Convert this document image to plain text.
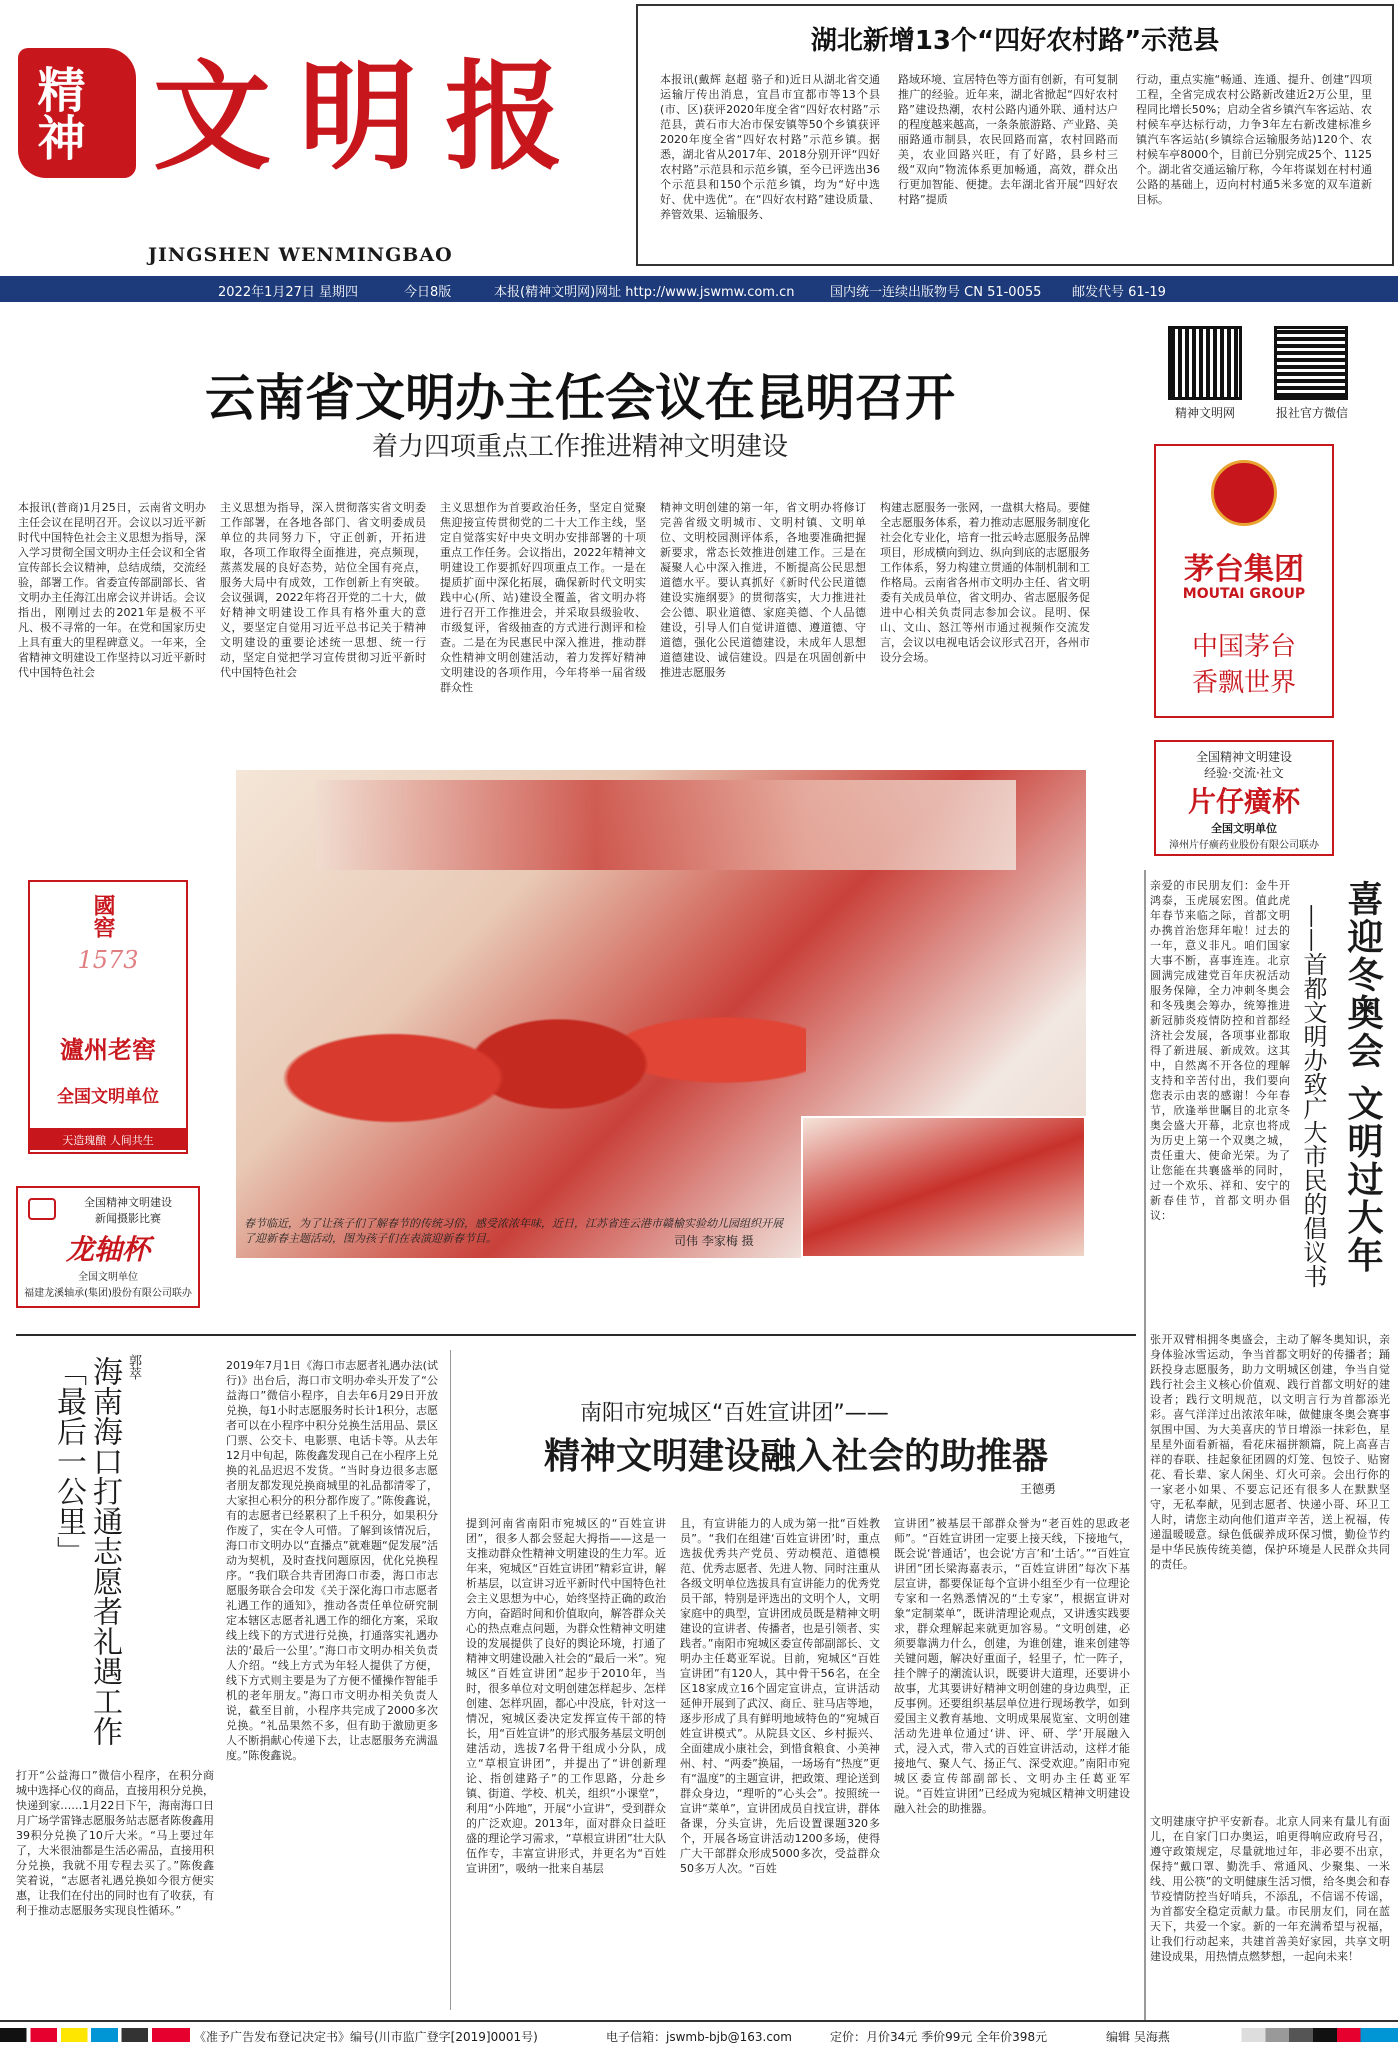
精神 文明报
JINGSHEN WENMINGBAO
湖北新增13个“四好农村路”示范县
本报讯(戴辉 赵超 骆子和)近日从湖北省交通运输厅传出消息，宜昌市宜都市等13个县(市、区)获评2020年度全省“四好农村路”示范县，黄石市大冶市保安镇等50个乡镇获评2020年度全省“四好农村路”示范乡镇。据悉，湖北省从2017年、2018分别开评“四好农村路”示范县和示范乡镇，至今已评选出36个示范县和150个示范乡镇，均为“好中选好、优中选优”。在“四好农村路”建设质量、养管效果、运输服务、
路域环境、宣居特色等方面有创新，有可复制推广的经验。近年来，湖北省掀起“四好农村路”建设热潮，农村公路内通外联、通村达户的程度越来越高，一条条旅游路、产业路、美丽路通市制县，农民回路而富，农村回路而美，农业回路兴旺，有了好路，县乡村三级“双向”物流体系更加畅通，高效，群众出行更加智能、便捷。去年湖北省开展“四好农村路”提质
行动，重点实施“畅通、连通、提升、创建”四项工程，全省完成农村公路新改建近2万公里，里程同比增长50%；启动全省乡镇汽车客运站、农村候车亭达标行动，力争3年左右新改建标准乡镇汽车客运站(乡镇综合运输服务站)120个、农村候车亭8000个，目前已分别完成25个、1125个。湖北省交通运输厅称，今年将谋划在村村通公路的基础上，迈向村村通5米多宽的双车道新目标。
2022年1月27日 星期四	今日8版	本报(精神文明网)网址 http://www.jswmw.com.cn	国内统一连续出版物号 CN 51-0055 邮发代号 61-19
精神文明网	报社官方微信
云南省文明办主任会议在昆明召开
着力四项重点工作推进精神文明建设
本报讯(普商)1月25日，云南省文明办主任会议在昆明召开。会议以习近平新时代中国特色社会主义思想为指导，深入学习贯彻全国文明办主任会议和全省宣传部长会议精神，总结成绩，交流经验，部署工作。省委宣传部副部长、省文明办主任海江出席会议并讲话。会议指出，刚刚过去的2021年是极不平凡、极不寻常的一年。在党和国家历史上具有重大的里程碑意义。一年来，全省精神文明建设工作坚持以习近平新时代中国特色社会
主义思想为指导，深入贯彻落实省文明委工作部署，在各地各部门、省文明委成员单位的共同努力下，守正创新，开拓进取，各项工作取得全面推进，亮点频现，蒸蒸发展的良好态势，站位全国有亮点，服务大局中有成效，工作创新上有突破。会议强调，2022年将召开党的二十大，做好精神文明建设工作具有格外重大的意义，要坚定自觉用习近平总书记关于精神文明建设的重要论述统一思想、统一行动，坚定自觉把学习宣传贯彻习近平新时代中国特色社会
主义思想作为首要政治任务，坚定自觉聚焦迎接宣传贯彻党的二十大工作主线，坚定自觉落实好中央文明办安排部署的十项重点工作任务。会议指出，2022年精神文明建设工作要抓好四项重点工作。一是在提质扩面中深化拓展，确保新时代文明实践中心(所、站)建设全覆盖，省文明办将进行召开工作推进会，并采取县级验收、市级复评，省级抽查的方式进行测评和检查。二是在为民惠民中深入推进，推动群众性精神文明创建活动，着力发挥好精神文明建设的各项作用，今年将举一届省级群众性
精神文明创建的第一年，省文明办将修订完善省级文明城市、文明村镇、文明单位、文明校园测评体系，各地要准确把握新要求，常态长效推进创建工作。三是在凝聚人心中深入推进，不断提高公民思想道德水平。要认真抓好《新时代公民道德建设实施纲要》的贯彻落实，大力推进社会公德、职业道德、家庭美德、个人品德建设，引导人们自觉讲道德、遵道德、守道德，强化公民道德建设，未成年人思想道德建设、诚信建设。四是在巩固创新中推进志愿服务
构建志愿服务一张网，一盘棋大格局。要健全志愿服务体系，着力推动志愿服务制度化社会化专业化，培育一批云岭志愿服务品牌项目，形成横向到边、纵向到底的志愿服务工作体系，努力构建立贯通的体制机制和工作格局。云南省各州市文明办主任、省文明委有关成员单位，省文明办、省志愿服务促进中心相关负责同志参加会议。昆明、保山、文山、怒江等州市通过视频作交流发言，会议以电视电话会议形式召开，各州市设分会场。
茅台集团
MOUTAI GROUP
中国茅台
香飘世界
全国精神文明建设
经验·交流·社文
片仔癀杯
全国文明单位
漳州片仔癀药业股份有限公司联办
國窖
1573
瀘州老窖
全国文明单位
天造瑰酿 人间共生
全国精神文明建设
新闻摄影比赛
龙轴杯
全国文明单位
福建龙溪轴承(集团)股份有限公司联办
春节临近，为了让孩子们了解春节的传统习俗，感受浓浓年味，近日，江苏省连云港市赣榆实验幼儿园组织开展了迎新春主题活动，图为孩子们在表演迎新春节目。	司伟 李家梅 摄	喜迎冬奥会 文明过大年
——首都文明办致广大市民的倡议书
亲爱的市民朋友们：金牛开鸿泰，玉虎展宏图。值此虎年春节来临之际，首都文明办携首治您拜年啦！过去的一年，意义非凡。咱们国家大事不断，喜事连连。北京圆满完成建党百年庆祝活动服务保障，全力冲刺冬奥会和冬残奥会筹办，统筹推进新冠肺炎疫情防控和首都经济社会发展，各项事业都取得了新进展、新成效。这其中，自然离不开各位的理解支持和辛苦付出，我们要向您表示由衷的感谢！今年春节，欣逢举世瞩目的北京冬奥会盛大开幕，北京也将成为历史上第一个双奥之城，责任重大、使命光荣。为了让您能在共襄盛举的同时，过一个欢乐、祥和、安宁的新春佳节，首都文明办倡议：
张开双臂相拥冬奥盛会，主动了解冬奥知识，亲身体验冰雪运动，争当首都文明好的传播者；踊跃投身志愿服务，助力文明城区创建，争当自觉践行社会主义核心价值观、践行首都文明好的建设者；践行文明规范，以文明言行为首都添光彩。喜气洋洋过出浓浓年味，做健康冬奥会赛事氛围中国、为大美喜庆的节日增添一抹彩色，星星星外面看新福，看花床福拼额篇，院上高喜吉祥的春联、挂起象征团圆的灯笼、包饺子、贴窗花、看长辈、家人闲坐、灯火可亲。会出行你的一家老小如果、不要忘记还有很多人在默默坚守，无私奉献，见到志愿者、快递小哥、环卫工人时，请您主动向他们道声辛苦，送上祝福，传递温暖暖意。绿色低碳养成环保习惯，勤俭节约是中华民族传统美德，保护环境是人民群众共同的责任。
文明建康守护平安新春。北京人同来有量儿有面儿，在自家门口办奥运，咱更得响应政府号召，遵守政策规定，尽量就地过年，非必要不出京，保持“戴口罩、勤洗手、常通风、少聚集、一米线、用公筷”的文明健康生活习惯，给冬奥会和春节疫情防控当好哨兵，不添乱，不信谣不传谣，为首都安全稳定贡献力量。市民朋友们，同在蓝天下，共爱一个家。新的一年充满希望与祝福，让我们行动起来，共建首善美好家园，共享文明建设成果，用热情点燃梦想，一起向未来！
郭萃
海南海口打通志愿者礼遇工作「最后一公里」	2019年7月1日《海口市志愿者礼遇办法(试行)》出台后，海口市文明办牵头开发了“公益海口”微信小程序，自去年6月29日开放兑换，每1小时志愿服务时长计1积分，志愿者可以在小程序中积分兑换生活用品、景区门票、公交卡、电影票、电话卡等。从去年12月中旬起，陈俊鑫发现自己在小程序上兑换的礼品迟迟不发货。“当时身边很多志愿者朋友都发现兑换商城里的礼品都清零了，大家担心积分的积分都作废了。”陈俊鑫说，有的志愿者已经累积了上千积分，如果积分作废了，实在令人可惜。了解到该情况后，海口市文明办以“直播点”就难题“促发展”活动为契机，及时查找问题原因，优化兑换程序。“我们联合共青团海口市委，海口市志愿服务联合会印发《关于深化海口市志愿者礼遇工作的通知》，推动各责任单位研究制定本辖区志愿者礼遇工作的细化方案，采取线上线下的方式进行兑换，打通落实礼遇办法的‘最后一公里’。”海口市文明办相关负责人介绍。“线上方式为年轻人提供了方便，线下方式则主要是为了方便不懂操作智能手机的老年朋友。”海口市文明办相关负责人说，截至目前，小程序共完成了2000多次兑换。“礼品果然不多，但有助于激励更多人不断捐献心传递下去，让志愿服务充满温度。”陈俊鑫说。
打开“公益海口”微信小程序，在积分商城中选择心仪的商品，直接用积分兑换，快递到家……1月22日下午，海南海口日月广场学雷锋志愿服务站志愿者陈俊鑫用39积分兑换了10斤大米。“马上要过年了，大米很油都是生活必需品，直接用积分兑换，我就不用专程去买了。”陈俊鑫笑着说，“志愿者礼遇兑换如今很方便实惠，让我们在付出的同时也有了收获，有利于推动志愿服务实现良性循环。”
南阳市宛城区“百姓宣讲团”——
精神文明建设融入社会的助推器
王德勇
提到河南省南阳市宛城区的“百姓宣讲团”，很多人都会竖起大拇指——这是一支推动群众性精神文明建设的生力军。近年来，宛城区“百姓宣讲团”精彩宣讲，解析基层，以宣讲习近平新时代中国特色社会主义思想为中心，始终坚持正确的政治方向，奋蹈时间和价值取向，解答群众关心的热点难点问题，为群众性精神文明建设的发展提供了良好的舆论环境，打通了精神文明建设融入社会的“最后一米”。宛城区“百姓宣讲团”起步于2010年，当时，很多单位对文明创建怎样起步、怎样创建、怎样巩固，都心中没底，针对这一情况，宛城区委决定发挥宣传干部的特长，用“百姓宣讲”的形式服务基层文明创建活动，选拔7名骨干组成小分队，成立“草根宣讲团”，并提出了“讲创新理论、指创建路子”的工作思路，分赴乡镇、街道、学校、机关，组织“小课堂”，利用“小阵地”，开展“小宣讲”，受到群众的广泛欢迎。2013年，面对群众日益旺盛的理论学习需求，“草根宣讲团”壮大队伍作专，丰富宣讲形式，并更名为“百姓宣讲团”，吸纳一批来自基层
且，有宣讲能力的人成为第一批“百姓教员”。“我们在组建‘百姓宣讲团’时，重点选拔优秀共产党员、劳动模范、道德模范、优秀志愿者、先进人物、同时注重从各级文明单位选拔具有宣讲能力的优秀党员干部，特别是评选出的文明个人，文明家庭中的典型，宣讲团成员既是精神文明建设的宣讲者、传播者，也是引领者、实践者。”南阳市宛城区委宣传部副部长、文明办主任葛亚军说。目前，宛城区“百姓宣讲团”有120人，其中骨干56名，在全区18家成立16个固定宣讲点，宣讲活动延伸开展到了武汉、商丘、驻马店等地，逐步形成了具有鲜明地域特色的“宛城百姓宣讲模式”。从院县文区、乡村振兴、全面建成小康社会，到惜食粮食、小美神州、村、“两委”换届，一场场有“热度”更有“温度”的主题宣讲，把政策、理论送到群众身边，“理听的”心头会”。按照统一宣讲“菜单”，宣讲团成员自找宣讲，群体备课，分头宣讲，先后设置课题320多个，开展各场宣讲活动1200多场，使得广大干部群众形成5000多次，受益群众50多万人次。“百姓
宣讲团”被基层干部群众誉为“老百姓的思政老师”。“百姓宣讲团一定要上接天线，下接地气，既会说‘普通话’，也会说‘方言’和‘土话’。”“百姓宣讲团”团长梁海嘉表示，“百姓宣讲团”每次下基层宣讲，都要保证每个宣讲小组至少有一位理论专家和一名熟悉情况的“土专家”，根据宣讲对象“定制菜单”，既讲清理论观点，又讲透实践要求，群众理解起来就更加容易。“文明创建，必须要靠满力什么，创建，为谁创建，谁来创建等关键问题，解决好重面子，轻里子，忙一阵子，挂个牌子的潮流认识，既要讲大道理，还要讲小故事，尤其要讲好精神文明创建的身边典型，正反事例。还要组织基层单位进行现场教学，如到爱国主义教育基地、文明成果展览室、文明创建活动先进单位通过‘讲、评、研、学’开展融入式，浸入式，带入式的百姓宣讲活动，这样才能接地气、聚人气、扬正气、深受欢迎。”南阳市宛城区委宣传部副部长、文明办主任葛亚军说。“百姓宣讲团”已经成为宛城区精神文明建设融入社会的助推器。
《准予广告发布登记决定书》编号(川市监广登字[2019]0001号)	电子信箱：jswmb-bjb@163.com	定价：月价34元 季价99元 全年价398元	编辑 吴海燕
